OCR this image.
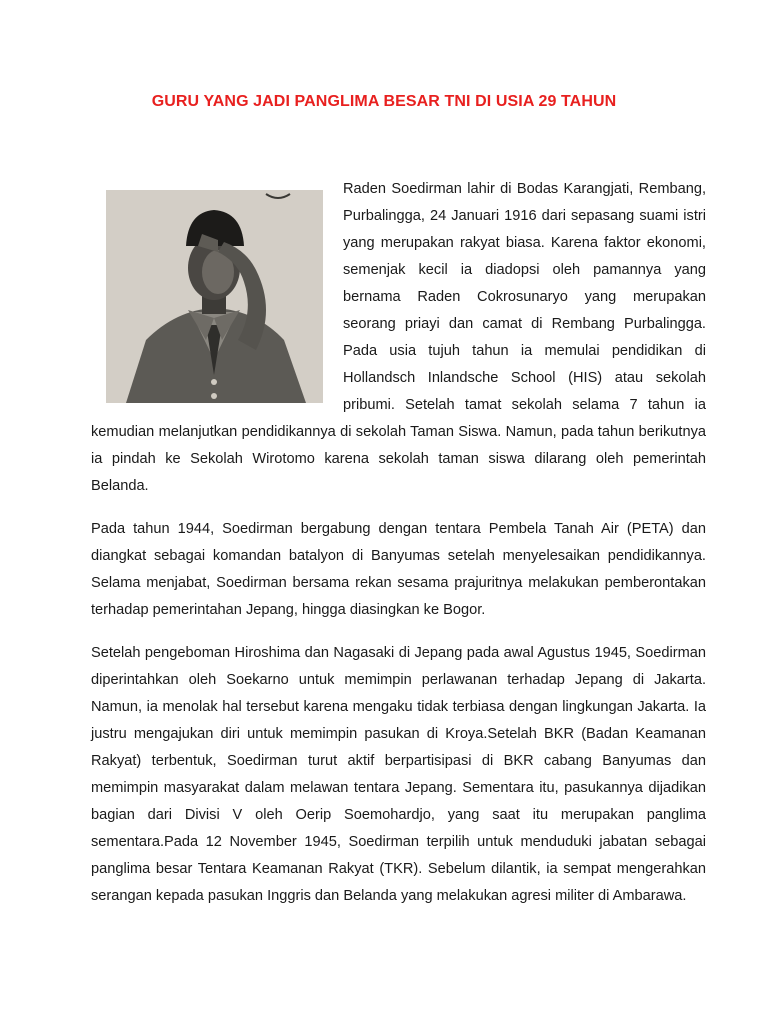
GURU YANG JADI PANGLIMA BESAR TNI DI USIA 29 TAHUN

Raden Soedirman lahir di Bodas Karangjati, Rembang, Purbalingga, 24 Januari 1916 dari sepasang suami istri yang merupakan rakyat biasa. Karena faktor ekonomi, semenjak kecil ia diadopsi oleh pamannya yang bernama Raden Cokrosunaryo yang merupakan seorang priayi dan camat di Rembang Purbalingga. Pada usia tujuh tahun ia memulai pendidikan di Hollandsch Inlandsche School (HIS) atau sekolah pribumi. Setelah tamat sekolah selama 7 tahun ia kemudian melanjutkan pendidikannya di sekolah Taman Siswa. Namun, pada tahun berikutnya ia pindah ke Sekolah Wirotomo karena sekolah taman siswa dilarang oleh pemerintah Belanda.

Pada tahun 1944, Soedirman bergabung dengan tentara Pembela Tanah Air (PETA) dan diangkat sebagai komandan batalyon di Banyumas setelah menyelesaikan pendidikannya. Selama menjabat, Soedirman bersama rekan sesama prajuritnya melakukan pemberontakan terhadap pemerintahan Jepang, hingga diasingkan ke Bogor.

Setelah pengeboman Hiroshima dan Nagasaki di Jepang pada awal Agustus 1945, Soedirman diperintahkan oleh Soekarno untuk memimpin perlawanan terhadap Jepang di Jakarta. Namun, ia menolak hal tersebut karena mengaku tidak terbiasa dengan lingkungan Jakarta. Ia justru mengajukan diri untuk memimpin pasukan di Kroya.Setelah BKR (Badan Keamanan Rakyat) terbentuk, Soedirman turut aktif berpartisipasi di BKR cabang Banyumas dan memimpin masyarakat dalam melawan tentara Jepang. Sementara itu, pasukannya dijadikan bagian dari Divisi V oleh Oerip Soemohardjo, yang saat itu merupakan panglima sementara.Pada 12 November 1945, Soedirman terpilih untuk menduduki jabatan sebagai panglima besar Tentara Keamanan Rakyat (TKR). Sebelum dilantik, ia sempat mengerahkan serangan kepada pasukan Inggris dan Belanda yang melakukan agresi militer di Ambarawa.
